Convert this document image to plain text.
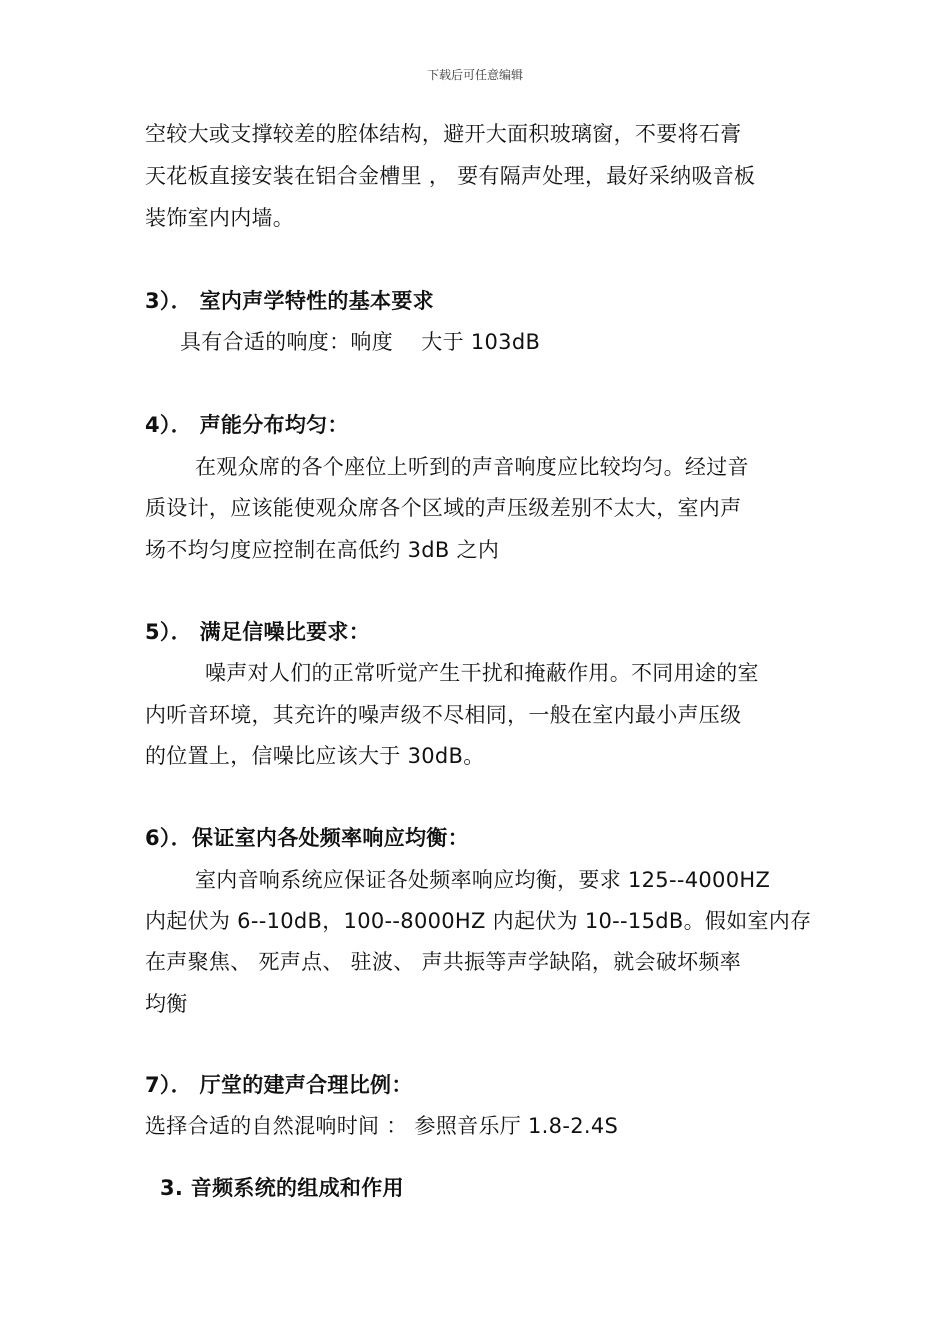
下载后可任意编辑
空较大或支撑较差的腔体结构，避开大面积玻璃窗，不要将石膏
天花板直接安装在铝合金槽里 ， 要有隔声处理，最好采纳吸音板
装饰室内内墙。
3）． 室内声学特性的基本要求
具有合适的响度：响度　 大于 103dB
4）． 声能分布均匀：
在观众席的各个座位上听到的声音响度应比较均匀。经过音
质设计，应该能使观众席各个区域的声压级差别不太大，室内声
场不均匀度应控制在高低约 3dB 之内
5）． 满足信噪比要求：
噪声对人们的正常听觉产生干扰和掩蔽作用。不同用途的室
内听音环境，其充许的噪声级不尽相同，一般在室内最小声压级
的位置上，信噪比应该大于 30dB。
6）．保证室内各处频率响应均衡：
室内音响系统应保证各处频率响应均衡，要求 125--4000HZ
内起伏为 6--10dB，100--8000HZ 内起伏为 10--15dB。假如室内存
在声聚焦、 死声点、 驻波、 声共振等声学缺陷，就会破坏频率
均衡
7）． 厅堂的建声合理比例：
选择合适的自然混响时间 ： 参照音乐厅 1.8-2.4S
3. 音频系统的组成和作用
